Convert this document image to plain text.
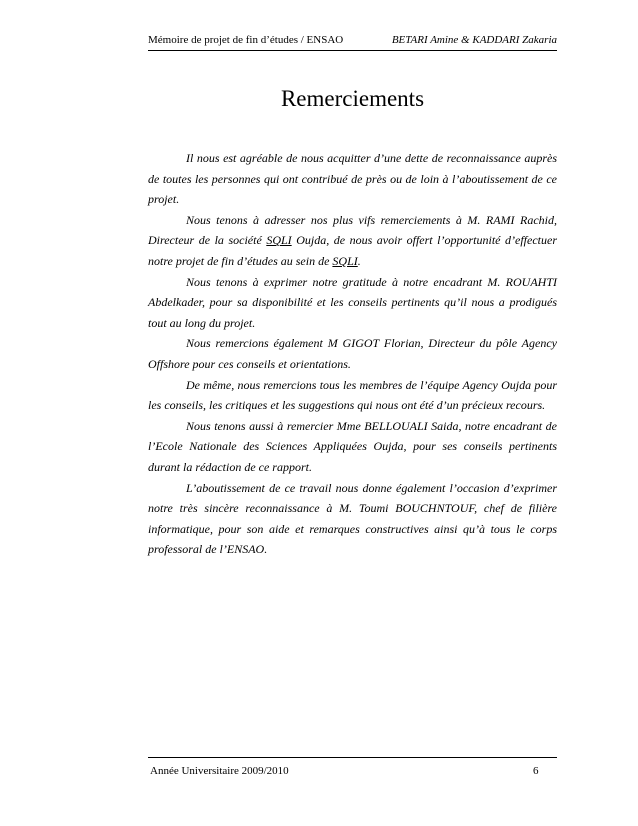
Mémoire de projet de fin d’études / ENSAO	BETARI Amine & KADDARI Zakaria
Remerciements

Il nous est agréable de nous acquitter d’une dette de reconnaissance auprès de toutes les personnes qui ont contribué de près ou de loin à l’aboutissement de ce projet.

Nous tenons à adresser nos plus vifs remerciements à M. RAMI Rachid, Directeur de la société SQLI Oujda, de nous avoir offert l’opportunité d’effectuer notre projet de fin d’études au sein de SQLI.

Nous tenons à exprimer notre gratitude à notre encadrant M. ROUAHTI Abdelkader, pour sa disponibilité et les conseils pertinents qu’il nous a prodigués tout au long du projet.

Nous remercions également M GIGOT Florian, Directeur du pôle Agency Offshore pour ces conseils et orientations.

De même, nous remercions tous les membres de l’équipe Agency Oujda pour les conseils, les critiques et les suggestions qui nous ont été d’un précieux recours.

Nous tenons aussi à remercier Mme BELLOUALI Saida, notre encadrant de l’Ecole Nationale des Sciences Appliquées Oujda, pour ses conseils pertinents durant la rédaction de ce rapport.

L’aboutissement de ce travail nous donne également l’occasion d’exprimer notre très sincère reconnaissance à M. Toumi BOUCHNTOUF, chef de filière informatique, pour son aide et remarques constructives ainsi qu’à tous le corps professoral de l’ENSAO.

Année Universitaire 2009/2010	6
